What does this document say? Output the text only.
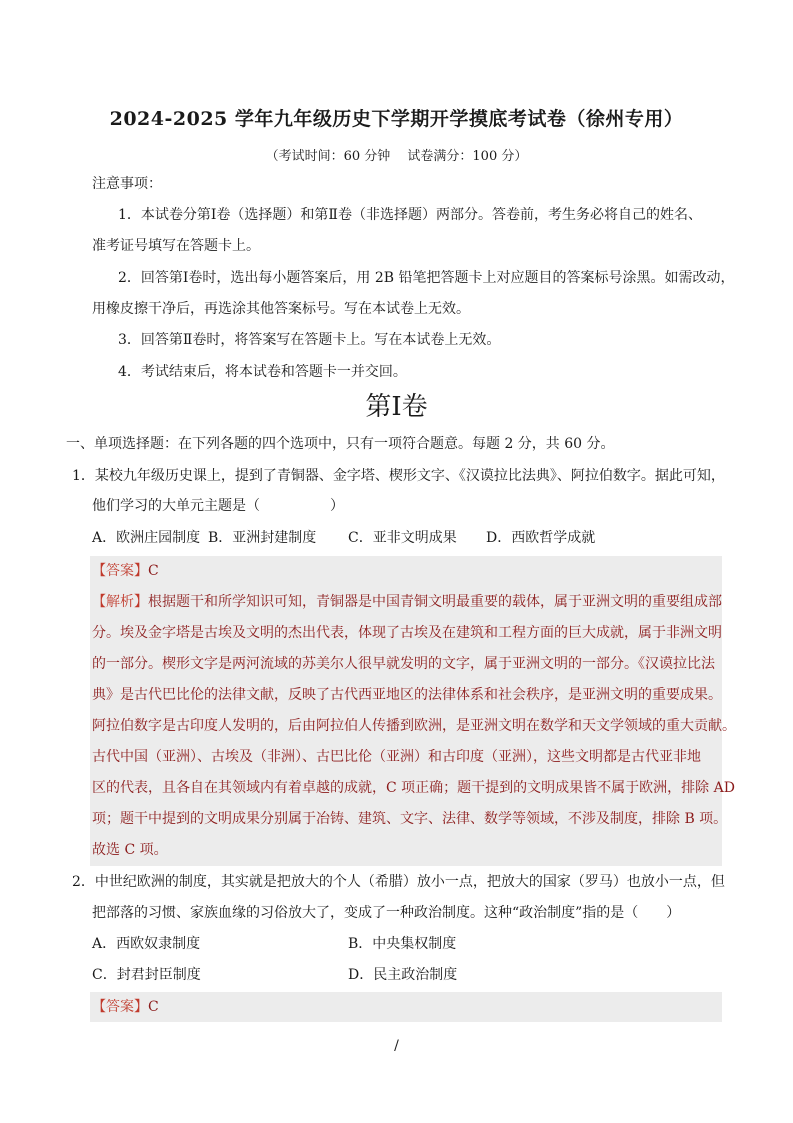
2024-2025 学年九年级历史下学期开学摸底考试卷（徐州专用）
（考试时间：60 分钟　 试卷满分：100 分）
注意事项：
1．本试卷分第Ⅰ卷（选择题）和第Ⅱ卷（非选择题）两部分。答卷前，考生务必将自己的姓名、
准考证号填写在答题卡上。
2．回答第Ⅰ卷时，选出每小题答案后，用 2B 铅笔把答题卡上对应题目的答案标号涂黑。如需改动，
用橡皮擦干净后，再选涂其他答案标号。写在本试卷上无效。
3．回答第Ⅱ卷时，将答案写在答题卡上。写在本试卷上无效。
4．考试结束后，将本试卷和答题卡一并交回。
第Ⅰ卷
一、单项选择题：在下列各题的四个选项中，只有一项符合题意。每题 2 分，共 60 分。
1．某校九年级历史课上，提到了青铜器、金字塔、楔形文字、《汉谟拉比法典》、阿拉伯数字。据此可知，
他们学习的大单元主题是（　　　　　）
A．欧洲庄园制度 B．亚洲封建制度 C．亚非文明成果 D．西欧哲学成就
【答案】C
【解析】根据题干和所学知识可知，青铜器是中国青铜文明最重要的载体，属于亚洲文明的重要组成部
分。埃及金字塔是古埃及文明的杰出代表，体现了古埃及在建筑和工程方面的巨大成就，属于非洲文明
的一部分。楔形文字是两河流域的苏美尔人很早就发明的文字，属于亚洲文明的一部分。《汉谟拉比法
典》是古代巴比伦的法律文献，反映了古代西亚地区的法律体系和社会秩序，是亚洲文明的重要成果。
阿拉伯数字是古印度人发明的，后由阿拉伯人传播到欧洲，是亚洲文明在数学和天文学领域的重大贡献。
古代中国（亚洲）、古埃及（非洲）、古巴比伦（亚洲）和古印度（亚洲），这些文明都是古代亚非地
区的代表，且各自在其领域内有着卓越的成就，C 项正确；题干提到的文明成果皆不属于欧洲，排除 AD
项；题干中提到的文明成果分别属于冶铸、建筑、文字、法律、数学等领域，不涉及制度，排除 B 项。
故选 C 项。
2．中世纪欧洲的制度，其实就是把放大的个人（希腊）放小一点，把放大的国家（罗马）也放小一点，但
把部落的习惯、家族血缘的习俗放大了，变成了一种政治制度。这种“政治制度”指的是（　　）
A．西欧奴隶制度	B．中央集权制度
C．封君封臣制度	D．民主政治制度
【答案】C
/
